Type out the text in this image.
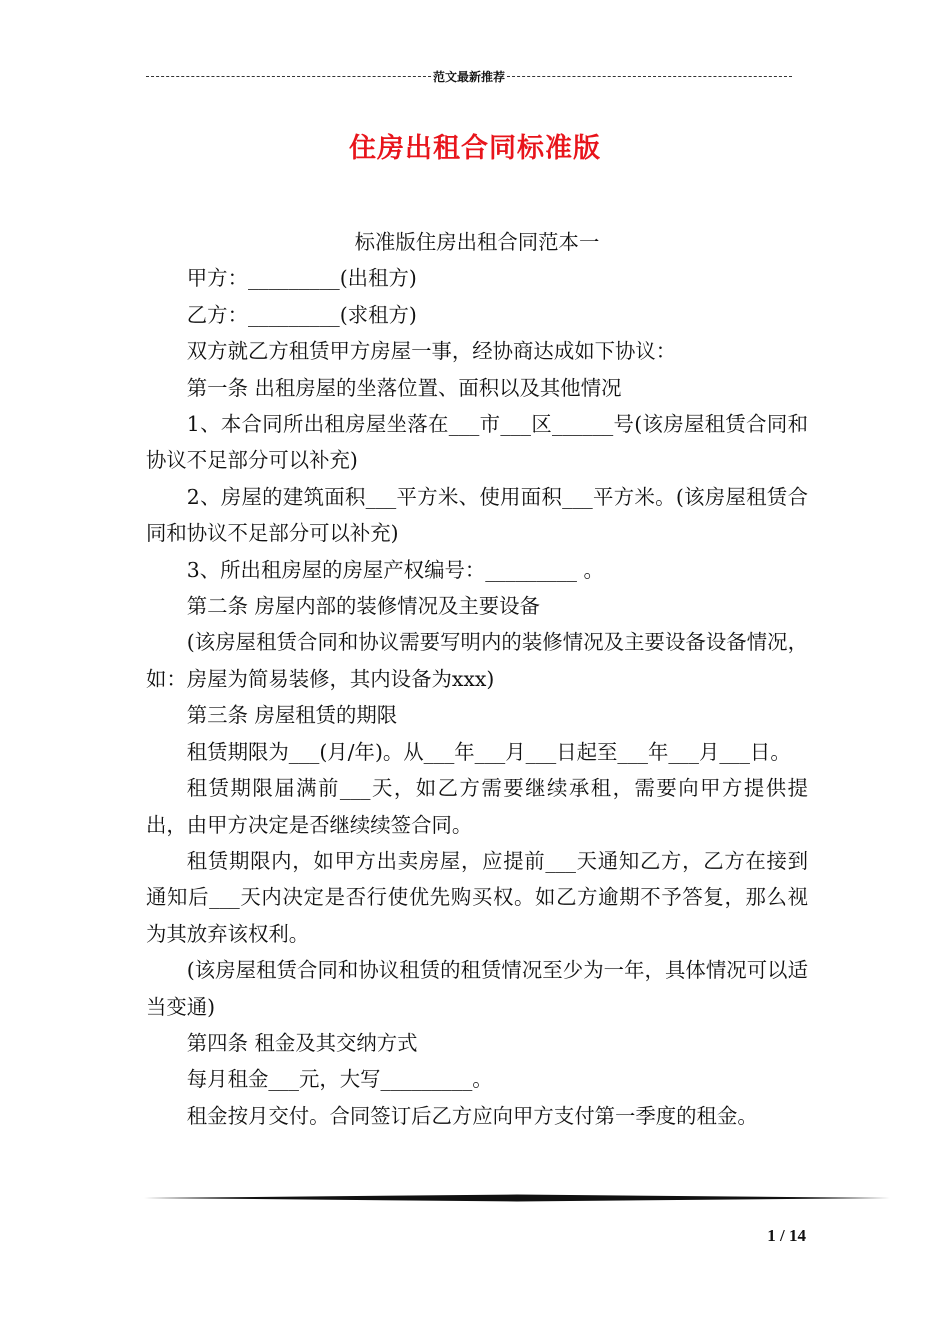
范文最新推荐
住房出租合同标准版

标准版住房出租合同范本一

甲方：_________(出租方)

乙方：_________(求租方)

双方就乙方租赁甲方房屋一事，经协商达成如下协议：

第一条 出租房屋的坐落位置、面积以及其他情况

1、本合同所出租房屋坐落在___市___区______号(该房屋租赁合同和协议不足部分可以补充)

2、房屋的建筑面积___平方米、使用面积___平方米。(该房屋租赁合同和协议不足部分可以补充)

3、所出租房屋的房屋产权编号：_________ 。

第二条 房屋内部的装修情况及主要设备

(该房屋租赁合同和协议需要写明内的装修情况及主要设备设备情况，如：房屋为简易装修，其内设备为xxx)

第三条 房屋租赁的期限

租赁期限为___(月/年)。从___年___月___日起至___年___月___日。

租赁期限届满前___天，如乙方需要继续承租，需要向甲方提供提出，由甲方决定是否继续续签合同。

租赁期限内，如甲方出卖房屋，应提前___天通知乙方，乙方在接到通知后___天内决定是否行使优先购买权。如乙方逾期不予答复，那么视为其放弃该权利。

(该房屋租赁合同和协议租赁的租赁情况至少为一年，具体情况可以适当变通)

第四条 租金及其交纳方式

每月租金___元，大写_________。

租金按月交付。合同签订后乙方应向甲方支付第一季度的租金。

1 / 14
